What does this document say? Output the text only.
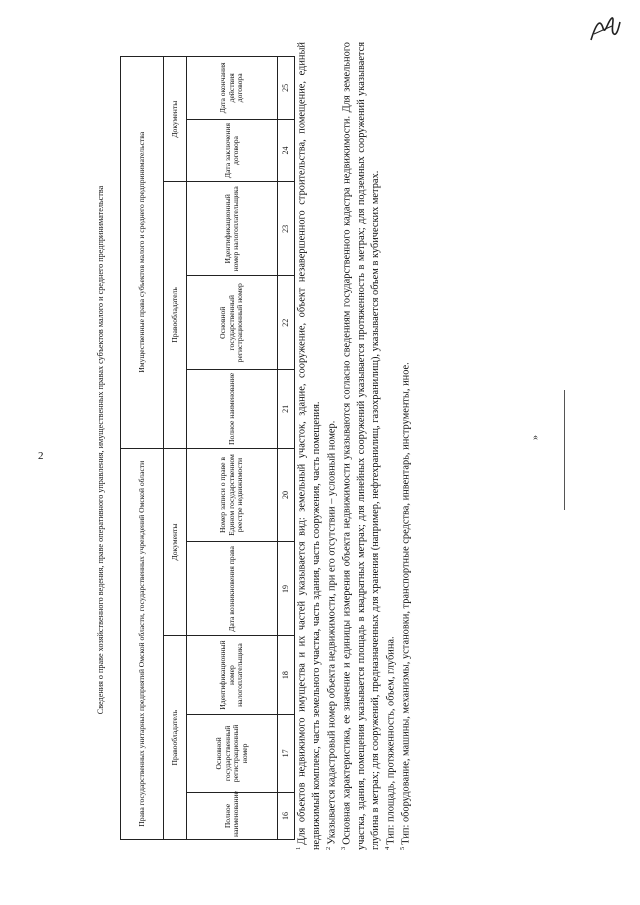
2	Сведения о праве хозяйственного ведения, праве оперативного управления, имущественных правах субъектов малого и среднего предпринимательства	Права государственных унитарных предприятий Омской области, государственных учреждений Омской области					Имущественные права субъектов малого и среднего предпринимательства				
Правообладатель			Документы		Правообладатель			Документы	
Полное наименование	Основной государственный регистрационный номер	Идентификационный номер налогоплательщика	Дата возникновения права	Номер записи о праве в Едином государственном реестре недвижимости	Полное наименование	Основной государственный регистрационный номер	Идентификационный номер налогоплательщика	Дата заключения договора	Дата окончания действия договора
16	17	18	19	20	21	22	23	24	25

$^1$Для объектов недвижимого имущества и их частей указывается вид: земельный участок, здание, сооружение, объект незавершенного строительства, помещение, единый недвижимый комплекс, часть земельного участка, часть здания, часть сооружения, часть помещения. $^2$Указывается кадастровый номер объекта недвижимости, при его отсутствии – условный номер.

$^3$Основная характеристика, ее значение и единицы измерения объекта недвижимости указываются согласно сведениям государственного кадастра недвижимости. Для земельного участка, здания, помещения указывается площадь в квадратных метрах; для линейных сооружений указывается протяженность в метрах; для подземных сооружений указывается глубина в метрах; для сооружений, предназначенных для хранения (например, нефтехранилищ, газохранилищ), указывается объем в кубических метрах. $^4$Тип: площадь, протяженность, объем, глубина.

$^5$Тип: оборудование, машины, механизмы, установки, транспортные средства, инвентарь, инструменты, иное.	»
